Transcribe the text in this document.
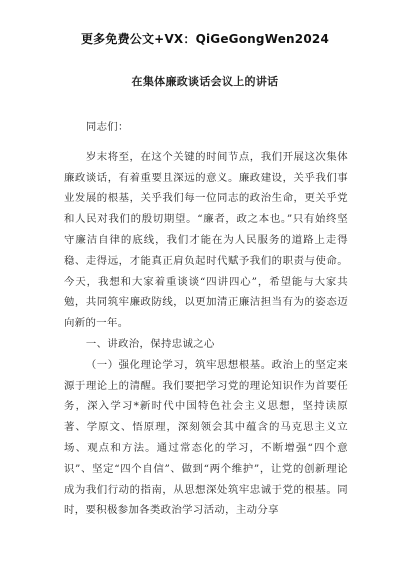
更多免费公文+VX：QiGeGongWen2024
在集体廉政谈话会议上的讲话

同志们：

岁末将至，在这个关键的时间节点，我们开展这次集体廉政谈话，有着重要且深远的意义。廉政建设，关乎我们事业发展的根基，关乎我们每一位同志的政治生命，更关乎党和人民对我们的殷切期望。“廉者，政之本也。”只有始终坚守廉洁自律的底线，我们才能在为人民服务的道路上走得稳、走得远，才能真正肩负起时代赋予我们的职责与使命。今天，我想和大家着重谈谈“四讲四心”，希望能与大家共勉，共同筑牢廉政防线，以更加清正廉洁担当有为的姿态迈向新的一年。

一、讲政治，保持忠诚之心

（一）强化理论学习，筑牢思想根基。政治上的坚定来源于理论上的清醒。我们要把学习党的理论知识作为首要任务，深入学习*新时代中国特色社会主义思想，坚持读原著、学原文、悟原理，深刻领会其中蕴含的马克思主义立场、观点和方法。通过常态化的学习，不断增强“四个意识”、坚定“四个自信”、做到“两个维护”，让党的创新理论成为我们行动的指南，从思想深处筑牢忠诚于党的根基。同时，要积极参加各类政治学习活动，主动分享
